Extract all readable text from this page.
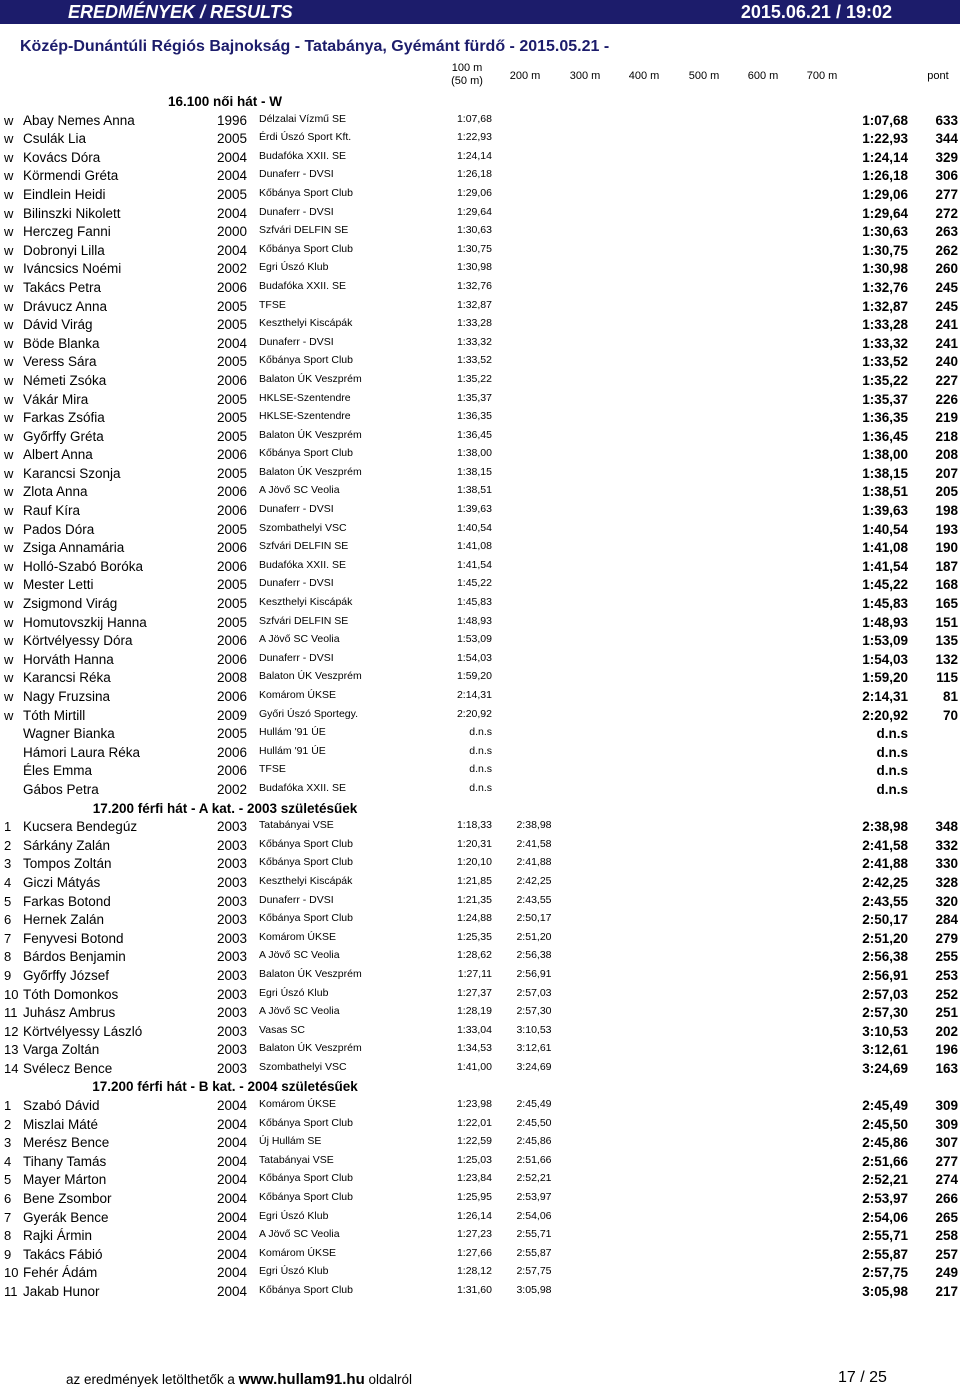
EREDMÉNYEK / RESULTS	2015.06.21 / 19:02
Közép-Dunántúli Régiós Bajnokság - Tatabánya, Gyémánt fürdő - 2015.05.21 -
100 m
(50 m)	200 m	300 m	400 m	500 m	600 m	700 m	pont
16.100 női hát - W
w Abay Nemes Anna	1996	Délzalai Vízmű SE	1:07,68	1:07,68	633
w Csulák Lia	2005	Érdi Úszó Sport Kft.	1:22,93	1:22,93	344
w Kovács Dóra	2004	Budafóka XXII. SE	1:24,14	1:24,14	329
w Körmendi Gréta	2004	Dunaferr - DVSI	1:26,18	1:26,18	306
w Eindlein Heidi	2005	Kőbánya Sport Club	1:29,06	1:29,06	277
w Bilinszki Nikolett	2004	Dunaferr - DVSI	1:29,64	1:29,64	272
w Herczeg Fanni	2000	Szfvári DELFIN SE	1:30,63	1:30,63	263
w Dobronyi Lilla	2004	Kőbánya Sport Club	1:30,75	1:30,75	262
w Iváncsics Noémi	2002	Egri Úszó Klub	1:30,98	1:30,98	260
w Takács Petra	2006	Budafóka XXII. SE	1:32,76	1:32,76	245
w Drávucz Anna	2005	TFSE	1:32,87	1:32,87	245
w Dávid Virág	2005	Keszthelyi Kiscápák	1:33,28	1:33,28	241
w Böde Blanka	2004	Dunaferr - DVSI	1:33,32	1:33,32	241
w Veress Sára	2005	Kőbánya Sport Club	1:33,52	1:33,52	240
w Németi Zsóka	2006	Balaton ÚK Veszprém	1:35,22	1:35,22	227
w Vákár Mira	2005	HKLSE-Szentendre	1:35,37	1:35,37	226
w Farkas Zsófia	2005	HKLSE-Szentendre	1:36,35	1:36,35	219
w Győrffy Gréta	2005	Balaton ÚK Veszprém	1:36,45	1:36,45	218
w Albert Anna	2006	Kőbánya Sport Club	1:38,00	1:38,00	208
w Karancsi Szonja	2005	Balaton ÚK Veszprém	1:38,15	1:38,15	207
w Zlota Anna	2006	A Jövő SC Veolia	1:38,51	1:38,51	205
w Rauf Kíra	2006	Dunaferr - DVSI	1:39,63	1:39,63	198
w Pados Dóra	2005	Szombathelyi VSC	1:40,54	1:40,54	193
w Zsiga Annamária	2006	Szfvári DELFIN SE	1:41,08	1:41,08	190
w Holló-Szabó Boróka	2006	Budafóka XXII. SE	1:41,54	1:41,54	187
w Mester Letti	2005	Dunaferr - DVSI	1:45,22	1:45,22	168
w Zsigmond Virág	2005	Keszthelyi Kiscápák	1:45,83	1:45,83	165
w Homutovszkij Hanna	2005	Szfvári DELFIN SE	1:48,93	1:48,93	151
w Körtvélyessy Dóra	2006	A Jövő SC Veolia	1:53,09	1:53,09	135
w Horváth Hanna	2006	Dunaferr - DVSI	1:54,03	1:54,03	132
w Karancsi Réka	2008	Balaton ÚK Veszprém	1:59,20	1:59,20	115
w Nagy Fruzsina	2006	Komárom ÚKSE	2:14,31	2:14,31	81
w Tóth Mirtill	2009	Győri Úszó Sportegy.	2:20,92	2:20,92	70
Wagner Bianka	2005	Hullám '91 ÚE	d.n.s	d.n.s
Hámori Laura Réka	2006	Hullám '91 ÚE	d.n.s	d.n.s
Éles Emma	2006	TFSE	d.n.s	d.n.s
Gábos Petra	2002	Budafóka XXII. SE	d.n.s	d.n.s
17.200 férfi hát - A kat. - 2003 születésűek
1 Kucsera Bendegúz	2003	Tatabányai VSE	1:18,33 2:38,98	2:38,98	348
2 Sárkány Zalán	2003	Kőbánya Sport Club	1:20,31 2:41,58	2:41,58	332
3 Tompos Zoltán	2003	Kőbánya Sport Club	1:20,10 2:41,88	2:41,88	330
4 Giczi Mátyás	2003	Keszthelyi Kiscápák	1:21,85 2:42,25	2:42,25	328
5 Farkas Botond	2003	Dunaferr - DVSI	1:21,35 2:43,55	2:43,55	320
6 Hernek Zalán	2003	Kőbánya Sport Club	1:24,88 2:50,17	2:50,17	284
7 Fenyvesi Botond	2003	Komárom ÚKSE	1:25,35 2:51,20	2:51,20	279
8 Bárdos Benjamin	2003	A Jövő SC Veolia	1:28,62 2:56,38	2:56,38	255
9 Győrffy József	2003	Balaton ÚK Veszprém	1:27,11 2:56,91	2:56,91	253
10 Tóth Domonkos	2003	Egri Úszó Klub	1:27,37 2:57,03	2:57,03	252
11 Juhász Ambrus	2003	A Jövő SC Veolia	1:28,19 2:57,30	2:57,30	251
12 Körtvélyessy László	2003	Vasas SC	1:33,04 3:10,53	3:10,53	202
13 Varga Zoltán	2003	Balaton ÚK Veszprém	1:34,53 3:12,61	3:12,61	196
14 Svélecz Bence	2003	Szombathelyi VSC	1:41,00 3:24,69	3:24,69	163
17.200 férfi hát - B kat. - 2004 születésűek
1 Szabó Dávid	2004	Komárom ÚKSE	1:23,98 2:45,49	2:45,49	309
2 Miszlai Máté	2004	Kőbánya Sport Club	1:22,01 2:45,50	2:45,50	309
3 Merész Bence	2004	Új Hullám SE	1:22,59 2:45,86	2:45,86	307
4 Tihany Tamás	2004	Tatabányai VSE	1:25,03 2:51,66	2:51,66	277
5 Mayer Márton	2004	Kőbánya Sport Club	1:23,84 2:52,21	2:52,21	274
6 Bene Zsombor	2004	Kőbánya Sport Club	1:25,95 2:53,97	2:53,97	266
7 Gyerák Bence	2004	Egri Úszó Klub	1:26,14 2:54,06	2:54,06	265
8 Rajki Ármin	2004	A Jövő SC Veolia	1:27,23 2:55,71	2:55,71	258
9 Takács Fábió	2004	Komárom ÚKSE	1:27,66 2:55,87	2:55,87	257
10 Fehér Ádám	2004	Egri Úszó Klub	1:28,12 2:57,75	2:57,75	249
11 Jakab Hunor	2004	Kőbánya Sport Club	1:31,60 3:05,98	3:05,98	217
az eredmények letölthetők a www.hullam91.hu oldalról	17 / 25
